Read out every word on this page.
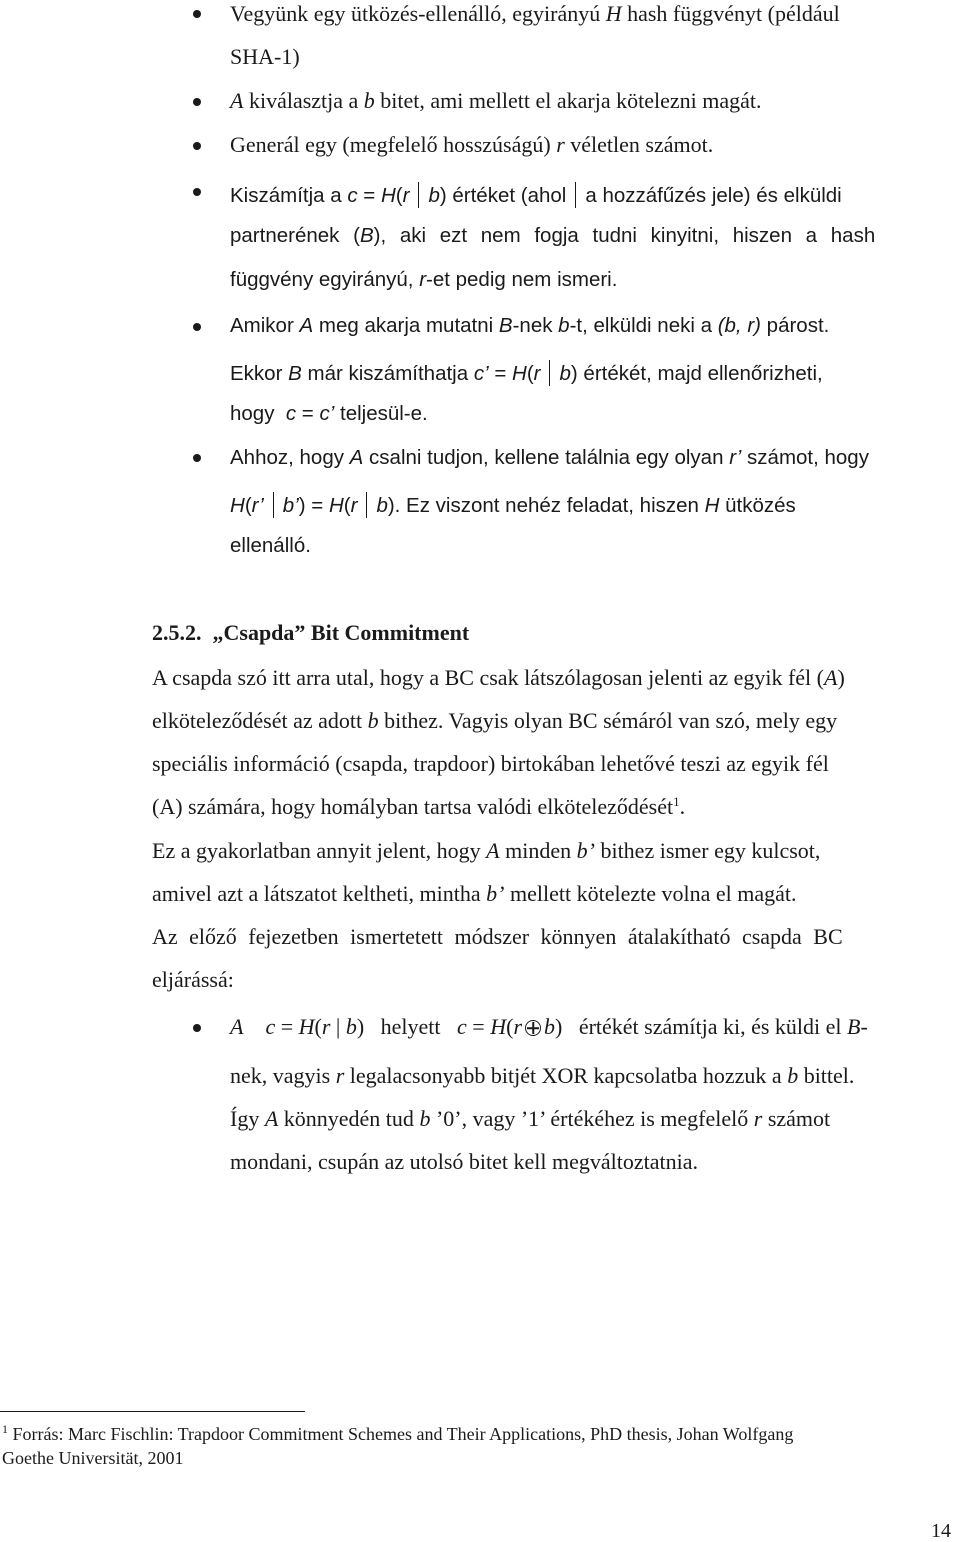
Vegyünk egy ütközés-ellenálló, egyirányú H hash függvényt (például
SHA-1)
A kiválasztja a b bitet, ami mellett el akarja kötelezni magát.
Generál egy (megfelelő hosszúságú) r véletlen számot.
Kiszámítja a c = H(r b) értéket (ahol a hozzáfűzés jele) és elküldi
partnerének (B), aki ezt nem fogja tudni kinyitni, hiszen a hash
függvény egyirányú, r-et pedig nem ismeri.
Amikor A meg akarja mutatni B-nek b-t, elküldi neki a (b, r) párost.
Ekkor B már kiszámíthatja c’ = H(r b) értékét, majd ellenőrizheti,
hogy  c = c’ teljesül-e.
Ahhoz, hogy A csalni tudjon, kellene találnia egy olyan r’ számot, hogy
H(r’ b’) = H(r b). Ez viszont nehéz feladat, hiszen H ütközés
ellenálló.
2.5.2. „Csapda” Bit Commitment
A csapda szó itt arra utal, hogy a BC csak látszólagosan jelenti az egyik fél (A)
elköteleződését az adott b bithez. Vagyis olyan BC sémáról van szó, mely egy
speciális információ (csapda, trapdoor) birtokában lehetővé teszi az egyik fél
(A) számára, hogy homályban tartsa valódi elköteleződését$^1$.
Ez a gyakorlatban annyit jelent, hogy A minden b’ bithez ismer egy kulcsot,
amivel azt a látszatot keltheti, mintha b’ mellett kötelezte volna el magát.
Az előző fejezetben ismertetett módszer könnyen átalakítható csapda BC
eljárássá:
A c = H(r | b)   helyett   c = H(r b)   értékét számítja ki, és küldi el B-
nek, vagyis r legalacsonyabb bitjét XOR kapcsolatba hozzuk a b bittel.
Így A könnyedén tud b ’0’, vagy ’1’ értékéhez is megfelelő r számot
mondani, csupán az utolsó bitet kell megváltoztatnia.
$^1$ Forrás: Marc Fischlin: Trapdoor Commitment Schemes and Their Applications, PhD thesis, Johan Wolfgang
Goethe Universität, 2001
14
